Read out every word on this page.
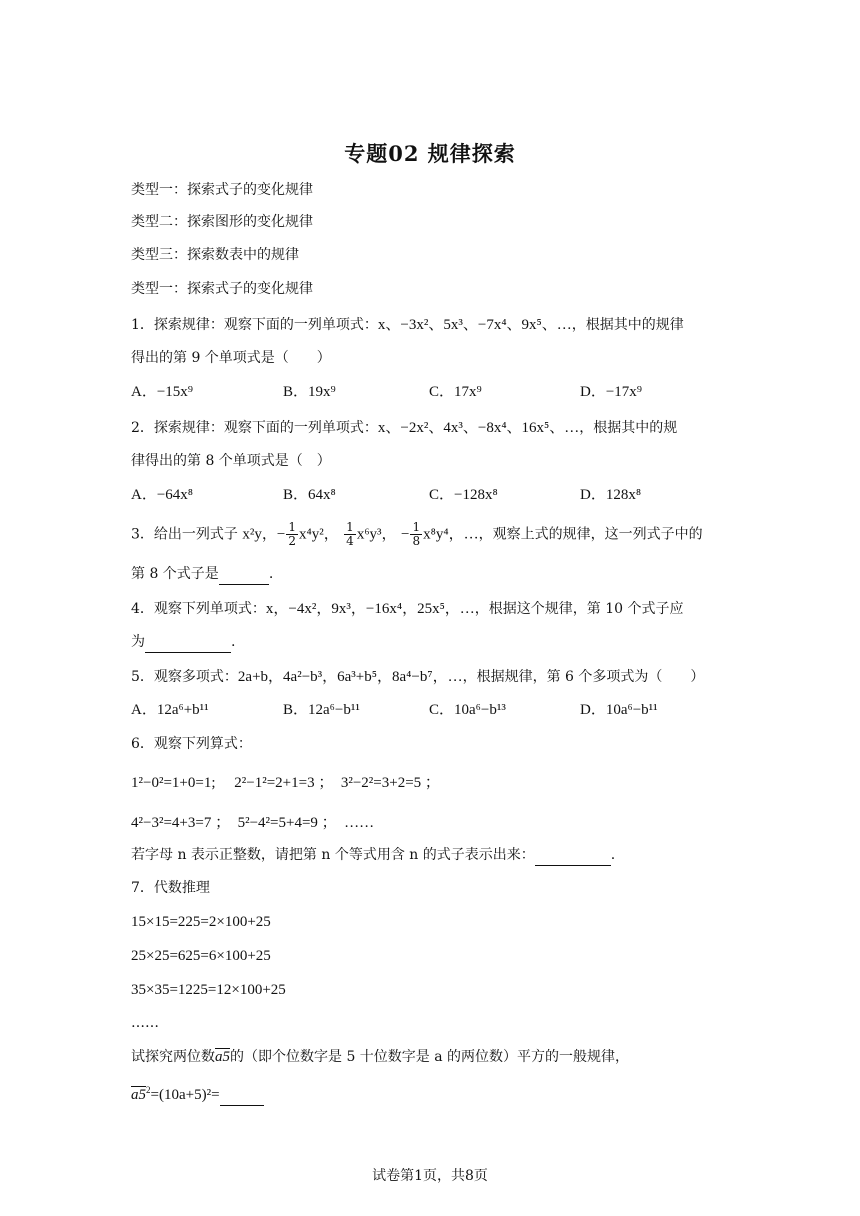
专题02 规律探索
类型一：探索式子的变化规律
类型二：探索图形的变化规律
类型三：探索数表中的规律
类型一：探索式子的变化规律
1．探索规律：观察下面的一列单项式：x、−3x²、5x³、−7x⁴、9x⁵、…，根据其中的规律
得出的第 9 个单项式是（　　）
A．−15x⁹	B．19x⁹	C．17x⁹	D．−17x⁹
2．探索规律：观察下面的一列单项式：x、−2x²、4x³、−8x⁴、16x⁵、…，根据其中的规
律得出的第 8 个单项式是（　）
A．−64x⁸	B．64x⁸	C．−128x⁸	D．128x⁸
3．给出一列式子 x²y，− $\frac{1}{2} x^4y^2$， $\frac{1}{4} x^6y^3$， − $\frac{1}{8} x^8y^4$，…，观察上式的规律，这一列式子中的
第 8 个式子是	.
4．观察下列单项式：x，−4x²，9x³，−16x⁴，25x⁵，…，根据这个规律，第 10 个式子应
为	.
5．观察多项式：2a+b，4a²−b³，6a³+b⁵，8a⁴−b⁷，…，根据规律，第 6 个多项式为（　　）
A．12a⁶+b¹¹	B．12a⁶−b¹¹	C．10a⁶−b¹³	D．10a⁶−b¹¹
6．观察下列算式：
1²−0²=1+0=1;　 2²−1²=2+1=3 ；　3²−2²=3+2=5 ；
4²−3²=4+3=7 ；　5²−4²=5+4=9 ；　……
若字母 n 表示正整数，请把第 n 个等式用含 n 的式子表示出来：	.
7．代数推理
15×15=225=2×100+25
25×25=625=6×100+25
35×35=1225=12×100+25
……
试探究两位数a5的（即个位数字是 5 十位数字是 a 的两位数）平方的一般规律，
$a5^2=(10a+5)^2=$
试卷第1页，共8页
